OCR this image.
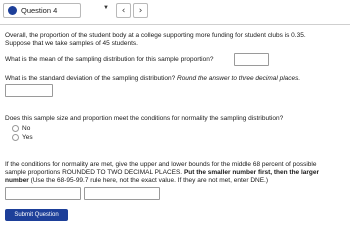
Question 4	▼ ‹ ›
Overall, the proportion of the student body at a college supporting more funding for student clubs is 0.35.
Suppose that we take samples of 45 students.
What is the mean of the sampling distribution for this sample proportion?
What is the standard deviation of the sampling distribution? Round the answer to three decimal places.
Does this sample size and proportion meet the conditions for normality the sampling distribution?
No
Yes
If the conditions for normality are met, give the upper and lower bounds for the middle 68 percent of possible
sample proportions ROUNDED TO TWO DECIMAL PLACES. Put the smaller number first, then the larger
number (Use the 68-95-99.7 rule here, not the exact value. If they are not met, enter DNE.)
Submit Question
